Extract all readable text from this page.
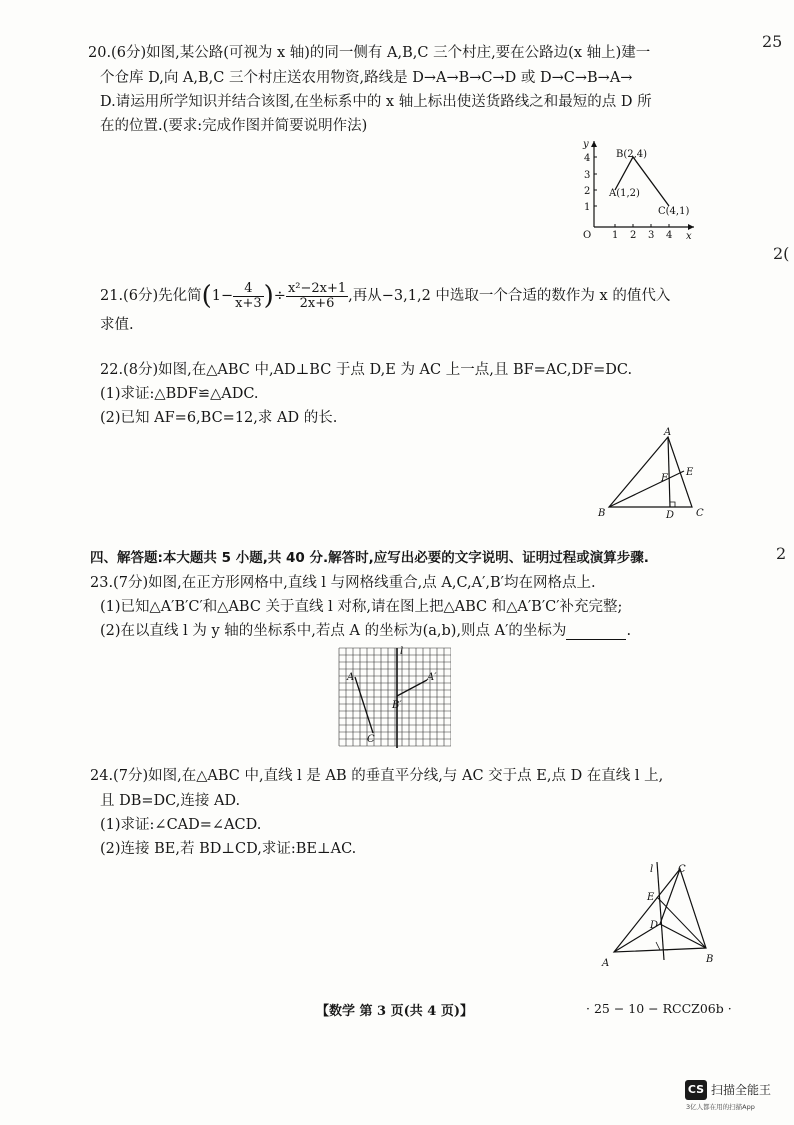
25
2(
2
20.(6分)如图,某公路(可视为 x 轴)的同一侧有 A,B,C 三个村庄,要在公路边(x 轴上)建一
个仓库 D,向 A,B,C 三个村庄送农用物资,路线是 D→A→B→C→D 或 D→C→B→A→
D.请运用所学知识并结合该图,在坐标系中的 x 轴上标出使送货路线之和最短的点 D 所
在的位置.(要求:完成作图并简要说明作法)
y
x
O 1 2 3 4
1
2
3
4
A(1,2)
B(2,4)
C(4,1)
21.(6分)先化简($1- \frac{4}{x+3}$ )÷ $\frac{\text{x²−2x+1}}{2x+6}$ ,再从−3,1,2 中选取一个合适的数作为 x 的值代入
求值.
22.(8分)如图,在△ABC 中,AD⊥BC 于点 D,E 为 AC 上一点,且 BF=AC,DF=DC.
(1)求证:△BDF≌△ADC.
(2)已知 AF=6,BC=12,求 AD 的长.
A
B	C
D
E
F
四、解答题:本大题共 5 小题,共 40 分.解答时,应写出必要的文字说明、证明过程或演算步骤.
23.(7分)如图,在正方形网格中,直线 l 与网格线重合,点 A,C,A′,B′均在网格点上.
(1)已知△A′B′C′和△ABC 关于直线 l 对称,请在图上把△ABC 和△A′B′C′补充完整;
(2)在以直线 l 为 y 轴的坐标系中,若点 A 的坐标为(a,b),则点 A′的坐标为	.
l
A	A′
B′
C
24.(7分)如图,在△ABC 中,直线 l 是 AB 的垂直平分线,与 AC 交于点 E,点 D 在直线 l 上,
且 DB=DC,连接 AD.
(1)求证:∠CAD=∠ACD.
(2)连接 BE,若 BD⊥CD,求证:BE⊥AC.
l C
E
D
A	B
【数学 第 3 页(共 4 页)】	· 25 − 10 − RCCZ06b ·
CS 扫描全能王
3亿人都在用的扫描App
